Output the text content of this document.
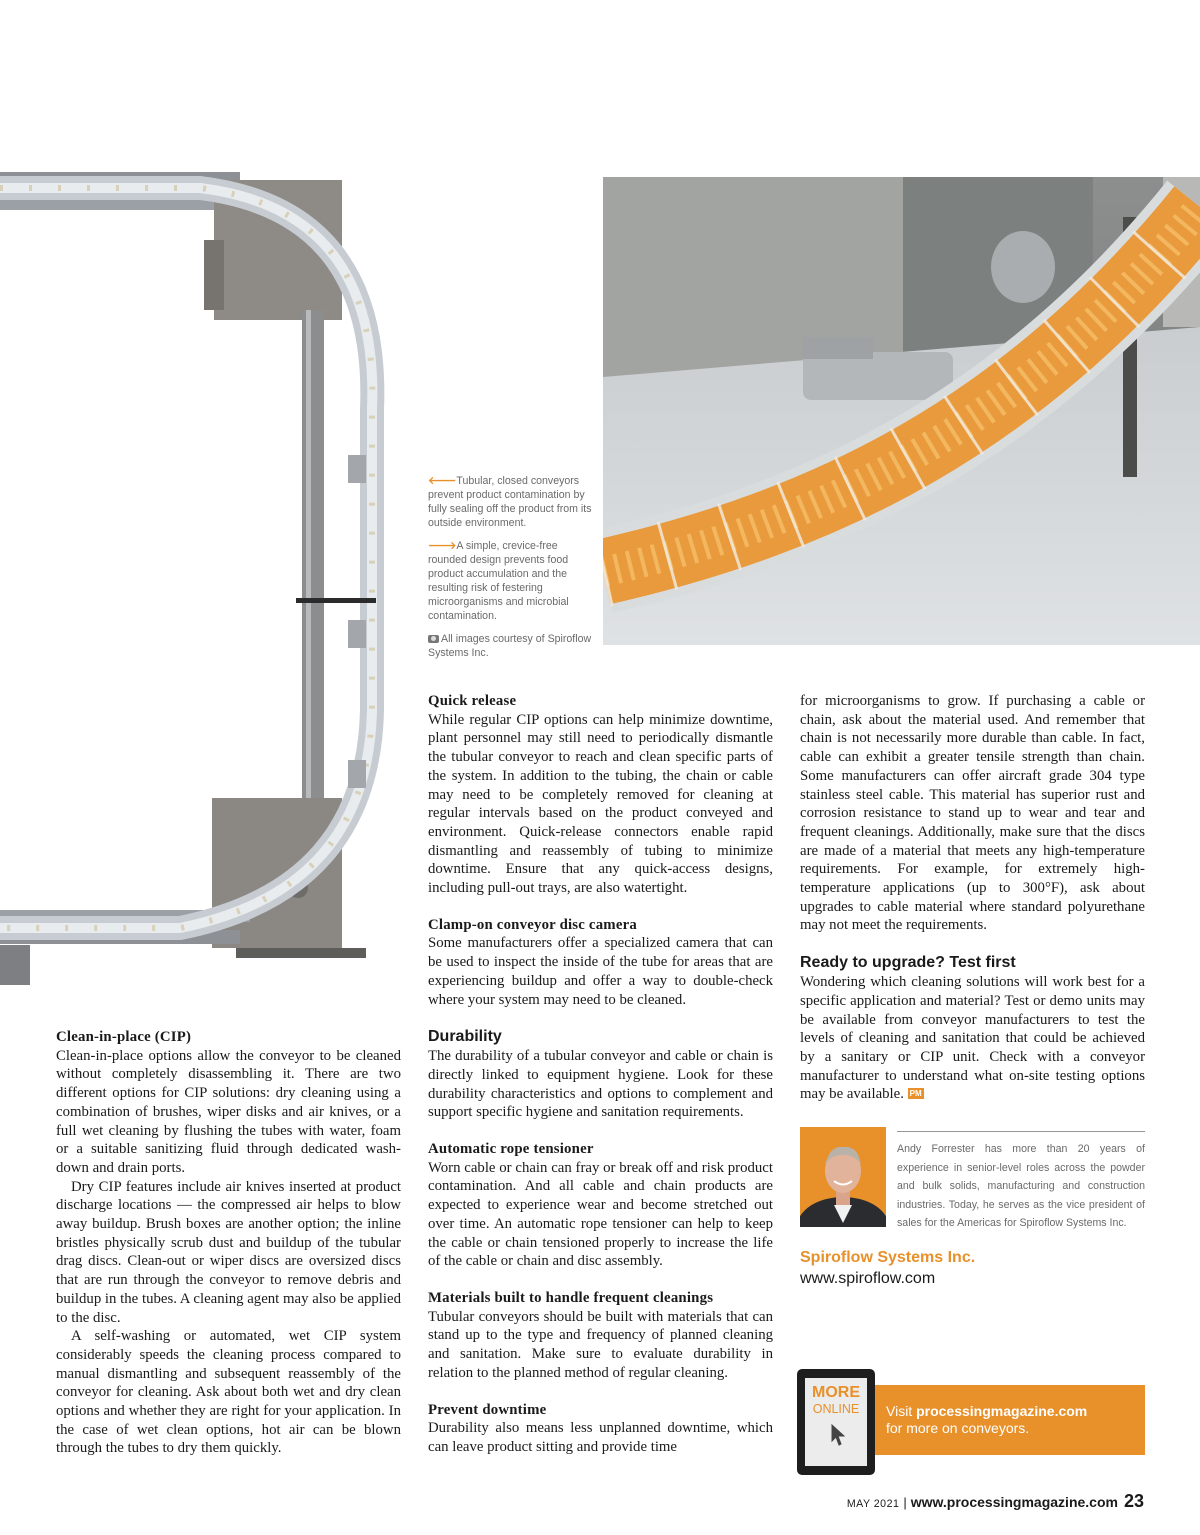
🡐Tubular, closed conveyors prevent product contamination by fully sealing off the product from its outside environment.

🡒A simple, crevice-free rounded design prevents food product accumulation and the resulting risk of festering microorganisms and microbial contamination.

All images courtesy of Spiroflow Systems Inc.

Clean-in-place (CIP)

Clean-in-place options allow the conveyor to be cleaned without completely disassembling it. There are two different options for CIP solutions: dry cleaning using a combination of brushes, wiper disks and air knives, or a full wet cleaning by flushing the tubes with water, foam or a suitable sanitizing fluid through dedicated wash-down and drain ports.

Dry CIP features include air knives inserted at product discharge locations — the compressed air helps to blow away buildup. Brush boxes are another option; the inline bristles physically scrub dust and buildup of the tubular drag discs. Clean-out or wiper discs are oversized discs that are run through the conveyor to remove debris and buildup in the tubes. A cleaning agent may also be applied to the disc.

A self-washing or automated, wet CIP system considerably speeds the cleaning process compared to manual dismantling and subsequent reassembly of the conveyor for cleaning. Ask about both wet and dry clean options and whether they are right for your application. In the case of wet clean options, hot air can be blown through the tubes to dry them quickly.

Quick release

While regular CIP options can help minimize downtime, plant personnel may still need to periodically dismantle the tubular conveyor to reach and clean specific parts of the system. In addition to the tubing, the chain or cable may need to be completely removed for cleaning at regular intervals based on the product conveyed and environment. Quick-release connectors enable rapid dismantling and reassembly of tubing to minimize downtime. Ensure that any quick-access designs, including pull-out trays, are also watertight.

Clamp-on conveyor disc camera

Some manufacturers offer a specialized camera that can be used to inspect the inside of the tube for areas that are experiencing buildup and offer a way to double-check where your system may need to be cleaned.

Durability

The durability of a tubular conveyor and cable or chain is directly linked to equipment hygiene. Look for these durability characteristics and options to complement and support specific hygiene and sanitation requirements.

Automatic rope tensioner

Worn cable or chain can fray or break off and risk product contamination. And all cable and chain products are expected to experience wear and become stretched out over time. An automatic rope tensioner can help to keep the cable or chain tensioned properly to increase the life of the cable or chain and disc assembly.

Materials built to handle frequent cleanings

Tubular conveyors should be built with materials that can stand up to the type and frequency of planned cleaning and sanitation. Make sure to evaluate durability in relation to the planned method of regular cleaning.

Prevent downtime

Durability also means less unplanned downtime, which can leave product sitting and provide time

for microorganisms to grow. If purchasing a cable or chain, ask about the material used. And remember that chain is not necessarily more durable than cable. In fact, cable can exhibit a greater tensile strength than chain. Some manufacturers can offer aircraft grade 304 type stainless steel cable. This material has superior rust and corrosion resistance to stand up to wear and tear and frequent cleanings. Additionally, make sure that the discs are made of a material that meets any high-temperature requirements. For example, for extremely high-temperature applications (up to 300°F), ask about upgrades to cable material where standard polyurethane may not meet the requirements.

Ready to upgrade? Test first

Wondering which cleaning solutions will work best for a specific application and material? Test or demo units may be available from conveyor manufacturers to test the levels of cleaning and sanitation that could be achieved by a sanitary or CIP unit. Check with a conveyor manufacturer to understand what on-site testing options may be available. PM

Andy Forrester has more than 20 years of experience in senior-level roles across the powder and bulk solids, manufacturing and construction industries. Today, he serves as the vice president of sales for the Americas for Spiroflow Systems Inc.

Spiroflow Systems Inc.
www.spiroflow.com
Visit processingmagazine.com
for more on conveyors.
MORE
ONLINE
MAY 2021 | www.processingmagazine.com 23
